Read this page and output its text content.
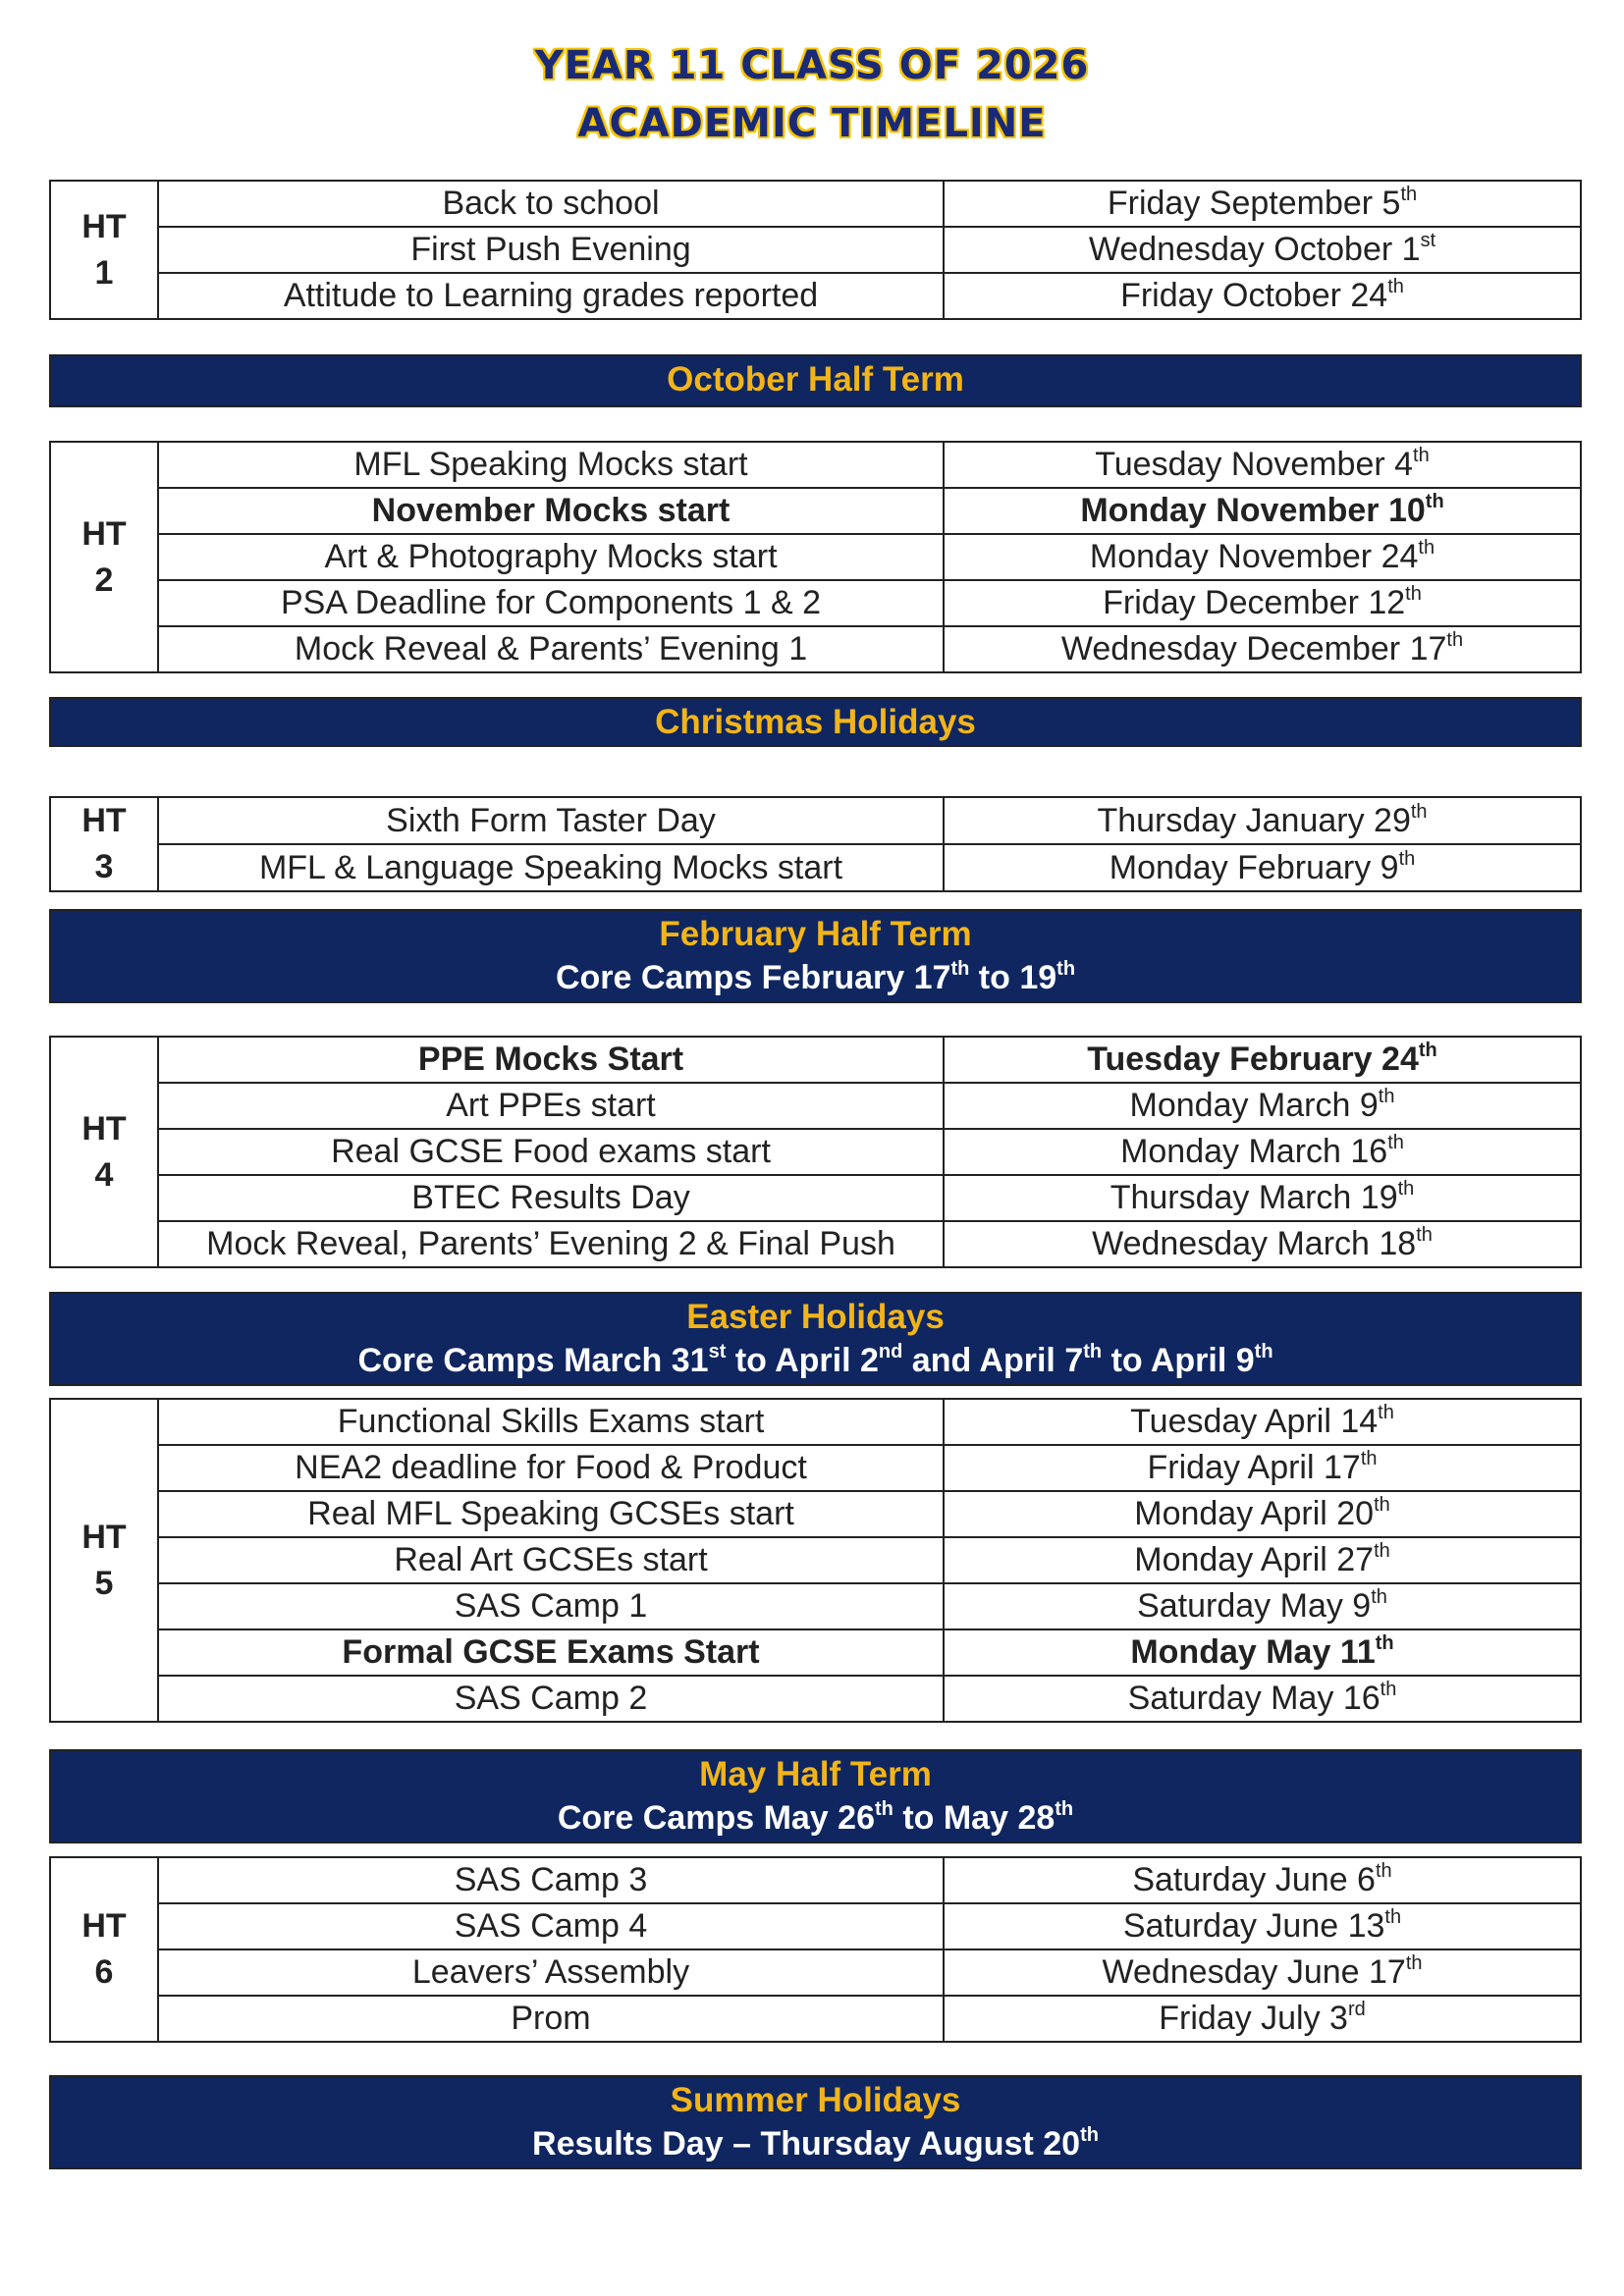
YEAR 11 CLASS OF 2026
ACADEMIC TIMELINE
HT
1	Back to school	Friday September 5th
	First Push Evening	Wednesday October 1st
	Attitude to Learning grades reported	Friday October 24th
October Half Term
HT
2	MFL Speaking Mocks start	Tuesday November 4th
	November Mocks start	Monday November 10th
	Art & Photography Mocks start	Monday November 24th
	PSA Deadline for Components 1 & 2	Friday December 12th
	Mock Reveal & Parents’ Evening 1	Wednesday December 17th
Christmas Holidays
HT
3	Sixth Form Taster Day	Thursday January 29th
	MFL & Language Speaking Mocks start	Monday February 9th
February Half Term
Core Camps February 17th to 19th
HT
4	PPE Mocks Start	Tuesday February 24th
	Art PPEs start	Monday March 9th
	Real GCSE Food exams start	Monday March 16th
	BTEC Results Day	Thursday March 19th
	Mock Reveal, Parents’ Evening 2 & Final Push	Wednesday March 18th
Easter Holidays
Core Camps March 31st to April 2nd and April 7th to April 9th
HT
5	Functional Skills Exams start	Tuesday April 14th
	NEA2 deadline for Food & Product	Friday April 17th
	Real MFL Speaking GCSEs start	Monday April 20th
	Real Art GCSEs start	Monday April 27th
	SAS Camp 1	Saturday May 9th
	Formal GCSE Exams Start	Monday May 11th
	SAS Camp 2	Saturday May 16th
May Half Term
Core Camps May 26th to May 28th
HT
6	SAS Camp 3	Saturday June 6th
	SAS Camp 4	Saturday June 13th
	Leavers’ Assembly	Wednesday June 17th
	Prom	Friday July 3rd
Summer Holidays
Results Day – Thursday August 20th
